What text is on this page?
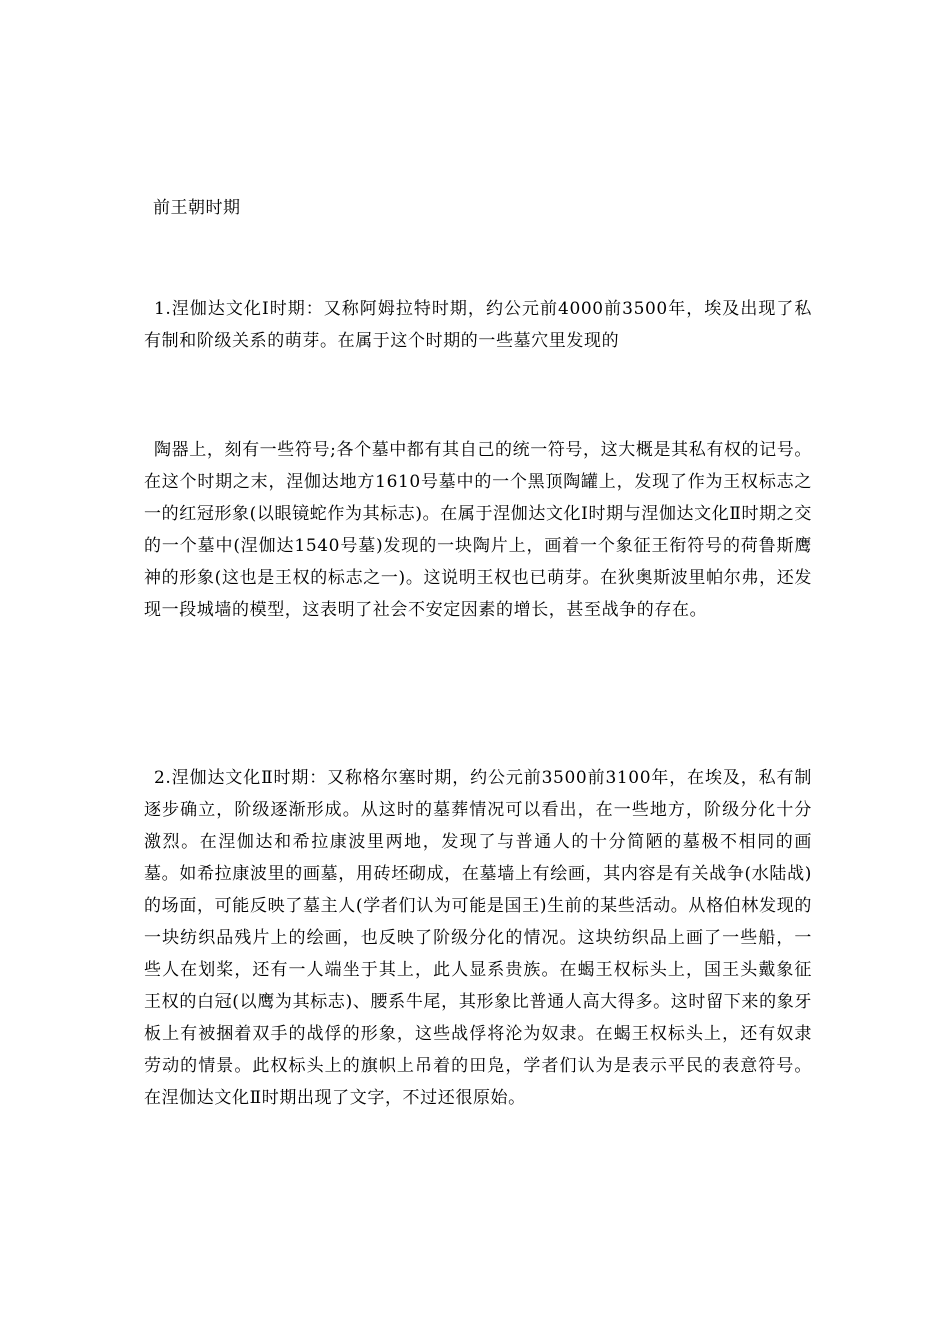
前王朝时期

1.涅伽达文化Ⅰ时期：又称阿姆拉特时期，约公元前4000前3500年，埃及出现了私有制和阶级关系的萌芽。在属于这个时期的一些墓穴里发现的

陶器上，刻有一些符号;各个墓中都有其自己的统一符号，这大概是其私有权的记号。在这个时期之末，涅伽达地方1610号墓中的一个黑顶陶罐上，发现了作为王权标志之一的红冠形象(以眼镜蛇作为其标志)。在属于涅伽达文化Ⅰ时期与涅伽达文化Ⅱ时期之交的一个墓中(涅伽达1540号墓)发现的一块陶片上，画着一个象征王衔符号的荷鲁斯鹰神的形象(这也是王权的标志之一)。这说明王权也已萌芽。在狄奥斯波里帕尔弗，还发现一段城墙的模型，这表明了社会不安定因素的增长，甚至战争的存在。

2.涅伽达文化Ⅱ时期：又称格尔塞时期，约公元前3500前3100年，在埃及，私有制逐步确立，阶级逐渐形成。从这时的墓葬情况可以看出，在一些地方，阶级分化十分激烈。在涅伽达和希拉康波里两地，发现了与普通人的十分简陋的墓极不相同的画墓。如希拉康波里的画墓，用砖坯砌成，在墓墙上有绘画，其内容是有关战争(水陆战)的场面，可能反映了墓主人(学者们认为可能是国王)生前的某些活动。从格伯林发现的一块纺织品残片上的绘画，也反映了阶级分化的情况。这块纺织品上画了一些船，一些人在划桨，还有一人端坐于其上，此人显系贵族。在蝎王权标头上，国王头戴象征王权的白冠(以鹰为其标志)、腰系牛尾，其形象比普通人高大得多。这时留下来的象牙板上有被捆着双手的战俘的形象，这些战俘将沦为奴隶。在蝎王权标头上，还有奴隶劳动的情景。此权标头上的旗帜上吊着的田凫，学者们认为是表示平民的表意符号。在涅伽达文化Ⅱ时期出现了文字，不过还很原始。
